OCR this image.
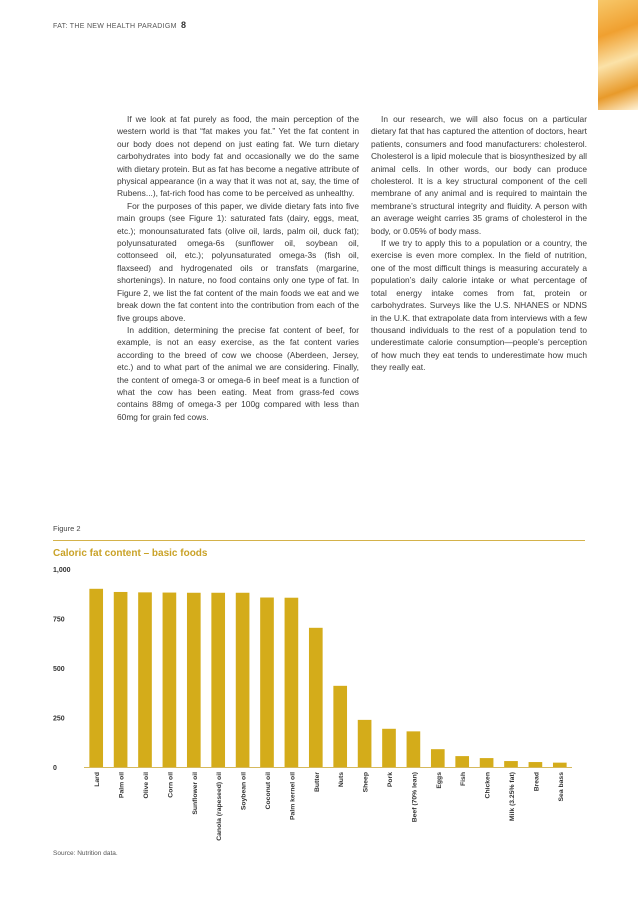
FAT: THE NEW HEALTH PARADIGM 8

If we look at fat purely as food, the main perception of the western world is that “fat makes you fat.” Yet the fat content in our body does not depend on just eating fat. We turn dietary carbohydrates into body fat and occasionally we do the same with dietary protein. But as fat has become a negative attribute of physical appearance (in a way that it was not at, say, the time of Rubens...), fat-rich food has come to be perceived as unhealthy.

For the purposes of this paper, we divide dietary fats into five main groups (see Figure 1): saturated fats (dairy, eggs, meat, etc.); monounsaturated fats (olive oil, lards, palm oil, duck fat); polyunsaturated omega-6s (sunflower oil, soybean oil, cottonseed oil, etc.); polyunsaturated omega-3s (fish oil, flaxseed) and hydrogenated oils or transfats (margarine, shortenings). In nature, no food contains only one type of fat. In Figure 2, we list the fat content of the main foods we eat and we break down the fat content into the contribution from each of the five groups above.

In addition, determining the precise fat content of beef, for example, is not an easy exercise, as the fat content varies according to the breed of cow we choose (Aberdeen, Jersey, etc.) and to what part of the animal we are considering. Finally, the content of omega-3 or omega-6 in beef meat is a function of what the cow has been eating. Meat from grass-fed cows contains 88mg of omega-3 per 100g compared with less than 60mg for grain fed cows.

In our research, we will also focus on a particular dietary fat that has captured the attention of doctors, heart patients, consumers and food manufacturers: cholesterol. Cholesterol is a lipid molecule that is biosynthesized by all animal cells. In other words, our body can produce cholesterol. It is a key structural component of the cell membrane of any animal and is required to maintain the membrane’s structural integrity and fluidity. A person with an average weight carries 35 grams of cholesterol in the body, or 0.05% of body mass.

If we try to apply this to a population or a country, the exercise is even more complex. In the field of nutrition, one of the most difficult things is measuring accurately a population’s daily calorie intake or what percentage of total energy intake comes from fat, protein or carbohydrates. Surveys like the U.S. NHANES or NDNS in the U.K. that extrapolate data from interviews with a few thousand individuals to the rest of a population tend to underestimate calorie consumption—people’s perception of how much they eat tends to underestimate how much they really eat.

Figure 2
Caloric fat content – basic foods
0
250
500
750
1,000
Lard	Palm oil	Olive oil	Corn oil	Sunflower oil	Canola (rapeseed) oil	Soybean oil	Coconut oil	Palm kernel oil	Butter	Nuts	Sheep	Pork	Beef (70% lean)	Eggs	Fish	Chicken	Milk (3.25% fat)	Bread	Sea bass
Source: Nutrition data.
